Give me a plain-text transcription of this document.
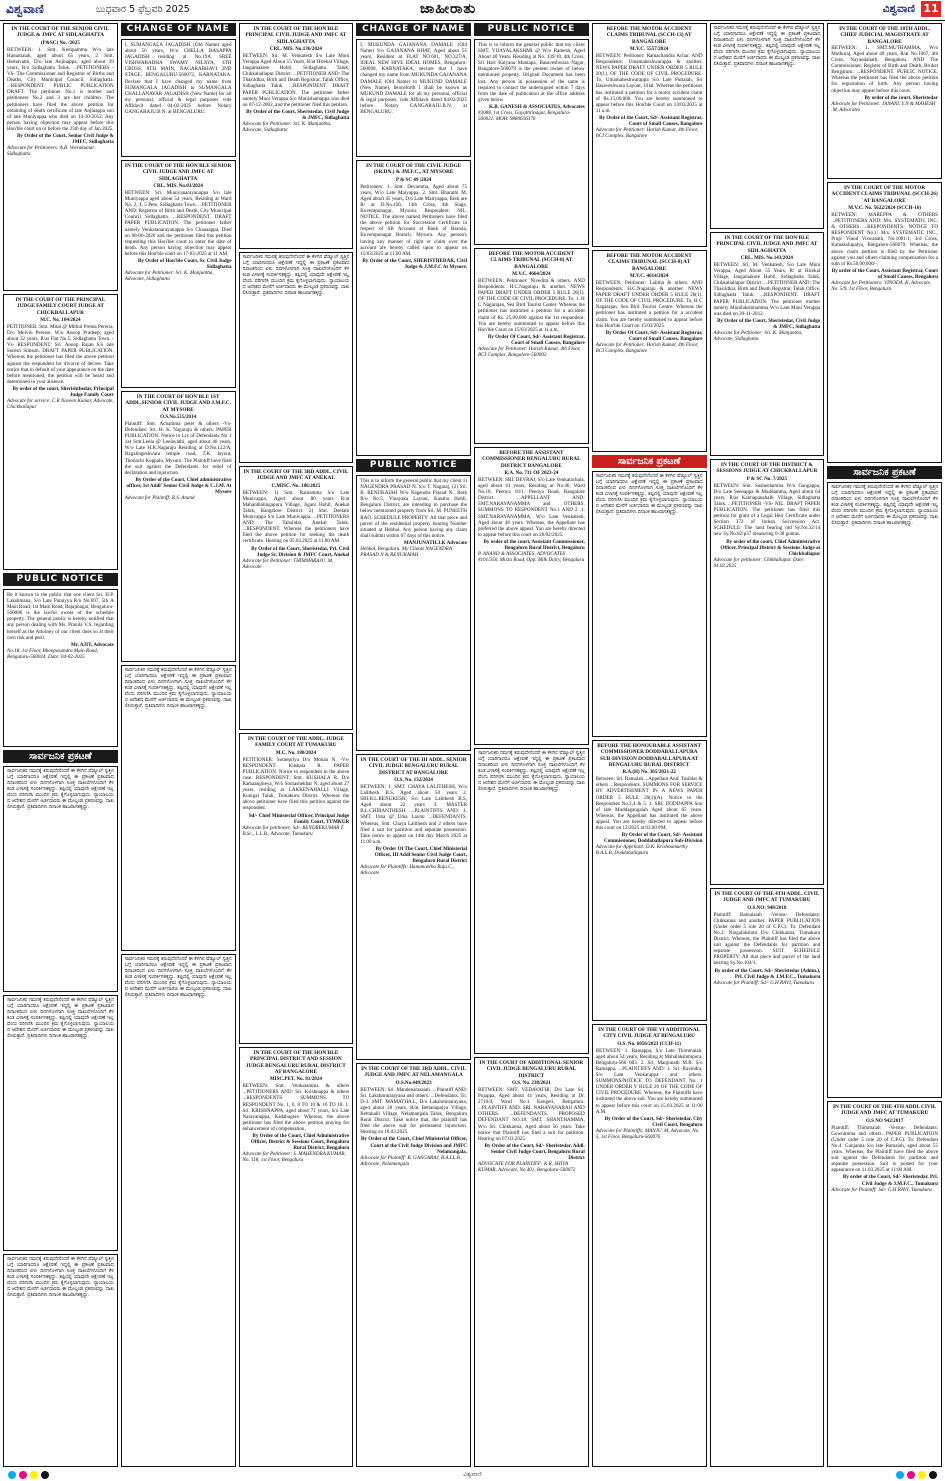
ವಿಶ್ವವಾಣಿ	ಬುಧವಾರ 5 ಫೆಬ್ರವರಿ 2025	ಜಾಹೀರಾತು	ವಿಶ್ವವಾಣಿ 11
IN THE COURT OF THE SENIOR CIVIL JUDGE & JMFC AT SIDLAGHATTA
(P&SC) No. /2025
BETWEEN: 1. Smt. Kempamma W/o late Hanumaiah, aged about 65 years, 2. Smt. Hemavathi, D/o late Anjinappa, aged about 39 years, R/o Sidlaghatta Taluk. ...PETITIONERS -VS- The Commissioner and Registrar of Births and Deaths, City Municipal Council, Sidlaghatta. ...RESPONDENT. PUBLIC PUBLICATION DRAFT. The petitioner No.1 is mother and petitioners No.2 and 3 are her children. The petitioners have filed the above petition for obtaining of death certificate of late Anjinappa son of late Muniyappa who died on 14-10-2012. Any person having objection may appear before this Hon'ble court on or before the 25th day of Jan 2025.
By Order of the Court, Senior Civil Judge & JMFC, Sidlaghatta
Advocate for Petitioners: A.B. Veerakumar, Sidlaghatta
IN THE COURT OF THE PRINCIPAL JUDGE FAMILY COURT JUDGE AT CHICKBALLAPUR
M.C. No. 104/2024
PETITIONER: Smt. Mital @ Mithul Prema Pereira, D/o Melvin Pereise, W/o Anoop Pradeep, aged about 32 years, R/at Flat No.5, Sidlaghatta Town. -Vs- RESPONDENT: Sri. Anoop Rajan S/o late Suresh Simson. DRAFT PAPER PUBLICATION. Whereas the petitioner has filed the above petition against the respondent for divorce of decree. Take notice that in default of your appearance on the date before mentioned, the petition will be heard and determined in your absence.
By order of the court, Sherishthedar, Principal Judge Family Court
Advocate for service: C.R Naveen Kumar, Advocate, Chickballapur
PUBLIC NOTICE
Be it known to the public that one client Sri. H.P. Lakshmana, S/o Late Putaiyya R/o No.697, 5th A Main Road, 1st Main Road, Rajajinagar, Bengaluru-560086 is the lawful owner of the schedule property. The general public is hereby notified that any person dealing with Ms. Pranila V.S. regarding herself as the Attorney of our client does so at their own risk and peril.
Mr. AJIT, Advocate
No.18, 1st Floor, Bhoopasandra Main Road, Bengaluru-560024. Date: 04-02-2025
ಸಾರ್ವಜನಿಕ ಪ್ರಕಟಣೆ
ಸಾರ್ವಜನಿಕರ ಗಮನಕ್ಕೆ ತರುವುದೇನೆಂದರೆ ಈ ಕೆಳಗಿನ ಷೆಡ್ಯೂಲ್ ಸ್ವತ್ತಿನ ಬಗ್ಗೆ ಯಾರಿಗಾದರೂ ಆಕ್ಷೇಪಣೆ ಇದ್ದಲ್ಲಿ ಈ ಪ್ರಕಟಣೆ ಪ್ರಕಟವಾದ ದಿನಾಂಕದಿಂದ ಏಳು ದಿನಗಳೊಳಗಾಗಿ ಸೂಕ್ತ ದಾಖಲೆಗಳೊಂದಿಗೆ ಕೆಳಕಂಡ ವಿಳಾಸಕ್ಕೆ ಸಂಪರ್ಕಿಸತಕ್ಕದ್ದು. ತಪ್ಪಿದಲ್ಲಿ ಯಾವುದೇ ಆಕ್ಷೇಪಣೆ ಇಲ್ಲವೆಂದು ಪರಿಗಣಿಸಿ ಮುಂದಿನ ಕ್ರಮ ಕೈಗೊಳ್ಳಲಾಗುವುದು. ನ್ಯಾಯಾಲಯದ ಆದೇಶದ ಮೇರೆಗೆ ಅರ್ಜಿದಾರರು ಈ ಮೇಲ್ಕಂಡ ಪ್ರಕರಣವನ್ನು ದಾಖಲಿಸಿರುತ್ತಾರೆ. ಪ್ರತಿವಾದಿಗಳು ದಿನಾಂಕ ಹಾಜರಾಗತಕ್ಕದ್ದು.
ಸಾರ್ವಜನಿಕರ ಗಮನಕ್ಕೆ ತರುವುದೇನೆಂದರೆ ಈ ಕೆಳಗಿನ ಷೆಡ್ಯೂಲ್ ಸ್ವತ್ತಿನ ಬಗ್ಗೆ ಯಾರಿಗಾದರೂ ಆಕ್ಷೇಪಣೆ ಇದ್ದಲ್ಲಿ ಈ ಪ್ರಕಟಣೆ ಪ್ರಕಟವಾದ ದಿನಾಂಕದಿಂದ ಏಳು ದಿನಗಳೊಳಗಾಗಿ ಸೂಕ್ತ ದಾಖಲೆಗಳೊಂದಿಗೆ ಕೆಳಕಂಡ ವಿಳಾಸಕ್ಕೆ ಸಂಪರ್ಕಿಸತಕ್ಕದ್ದು. ತಪ್ಪಿದಲ್ಲಿ ಯಾವುದೇ ಆಕ್ಷೇಪಣೆ ಇಲ್ಲವೆಂದು ಪರಿಗಣಿಸಿ ಮುಂದಿನ ಕ್ರಮ ಕೈಗೊಳ್ಳಲಾಗುವುದು. ನ್ಯಾಯಾಲಯದ ಆದೇಶದ ಮೇರೆಗೆ ಅರ್ಜಿದಾರರು ಈ ಮೇಲ್ಕಂಡ ಪ್ರಕರಣವನ್ನು ದಾಖಲಿಸಿರುತ್ತಾರೆ. ಪ್ರತಿವಾದಿಗಳು ದಿನಾಂಕ ಹಾಜರಾಗತಕ್ಕದ್ದು.
ಸಾರ್ವಜನಿಕರ ಗಮನಕ್ಕೆ ತರುವುದೇನೆಂದರೆ ಈ ಕೆಳಗಿನ ಷೆಡ್ಯೂಲ್ ಸ್ವತ್ತಿನ ಬಗ್ಗೆ ಯಾರಿಗಾದರೂ ಆಕ್ಷೇಪಣೆ ಇದ್ದಲ್ಲಿ ಈ ಪ್ರಕಟಣೆ ಪ್ರಕಟವಾದ ದಿನಾಂಕದಿಂದ ಏಳು ದಿನಗಳೊಳಗಾಗಿ ಸೂಕ್ತ ದಾಖಲೆಗಳೊಂದಿಗೆ ಕೆಳಕಂಡ ವಿಳಾಸಕ್ಕೆ ಸಂಪರ್ಕಿಸತಕ್ಕದ್ದು. ತಪ್ಪಿದಲ್ಲಿ ಯಾವುದೇ ಆಕ್ಷೇಪಣೆ ಇಲ್ಲವೆಂದು ಪರಿಗಣಿಸಿ ಮುಂದಿನ ಕ್ರಮ ಕೈಗೊಳ್ಳಲಾಗುವುದು. ನ್ಯಾಯಾಲಯದ ಆದೇಶದ ಮೇರೆಗೆ ಅರ್ಜಿದಾರರು ಈ ಮೇಲ್ಕಂಡ ಪ್ರಕರಣವನ್ನು ದಾಖಲಿಸಿರುತ್ತಾರೆ. ಪ್ರತಿವಾದಿಗಳು ದಿನಾಂಕ ಹಾಜರಾಗತಕ್ಕದ್ದು.
CHANGE OF NAME
I, SUMANGALA JAGADISH (Old Name) aged about 50 years, W/o CHELLA BASAPPA JAGADISH residing at No.19A SREE VISHWABADHA SWAMY NILAYA, 4TH CROSS, 8TH MAIN, NAGARABHAVI 2ND STAGE, BENGALURU-560072, KARNATAKA. Declare that I have changed my name from SUMANGALA JAGADISH to SUMANGALA CHALLANAVAR JAGADISH (New Name) for all my personal, official & legal purposes vide Affidavit dated 04-02-2025 before Notary GANGARAJU.B.N. at BENGALURU.
IN THE COURT OF THE HON'BLE SENIOR CIVIL JUDGE AND JMFC AT SIDLAGHATTA
CRL. MIS. No.03/2024
BETWEEN: Sri. Muniyanarayanappa S/o late Muniyappa aged about 54 years, Residing at Ward No. 2, 4, 5 Pete, Sidlaghatta Town. ...PETITIONER AND: Registrar of Birth and Death, City Municipal Council Sidlaghatta. ...RESPONDENT. DRAFT PAPER PUBLICATION. The petitioner father namely Venkatanarayanappa S/o Chanaappa, Died on 08-06-2020 and the petitioner filed this petition requesting this Hon'ble court to enter the date of death. Any person having objection may appear before this Hon'ble court on 17-03-2025 at 11 AM.
By Order of Hon'ble Court, Sr. Civil Judge Sidlaghatta
Advocate for Petitioner: Sri. K. Manjuntha, Advocate, Sidlaghatta
IN THE COURT OF HON'BLE 1ST ADDL.SENIOR CIVIL JUDGE AND J.M.F.C. AT MYSORE
O.S.No.515/2014
Plaintiff: Smt. Achamma peter & others -Vs- Defendant: Sri. H. K. Nagaraju & others. PAPER PUBLICATION. Notice to Lrs of Defendants No 1 1a) Smt.Leela @ Leelavathi, aged about 46 years, W/o Late H.K.Nagaraju Residing at D.No.122/A, Nagalingeshwara temple road, T.K. layout, Thonachi Koppalu, Mysuru. The Plaintiff have filed the suit against the Defendants for relief of declaration and injunction.
By Order of the Court, Chief administrative officer, 1st Addl' Senior Civil Judge & C.J.M. At Mysore
Advocate for Plaintiff: R.S. Anand
ಸಾರ್ವಜನಿಕರ ಗಮನಕ್ಕೆ ತರುವುದೇನೆಂದರೆ ಈ ಕೆಳಗಿನ ಷೆಡ್ಯೂಲ್ ಸ್ವತ್ತಿನ ಬಗ್ಗೆ ಯಾರಿಗಾದರೂ ಆಕ್ಷೇಪಣೆ ಇದ್ದಲ್ಲಿ ಈ ಪ್ರಕಟಣೆ ಪ್ರಕಟವಾದ ದಿನಾಂಕದಿಂದ ಏಳು ದಿನಗಳೊಳಗಾಗಿ ಸೂಕ್ತ ದಾಖಲೆಗಳೊಂದಿಗೆ ಕೆಳಕಂಡ ವಿಳಾಸಕ್ಕೆ ಸಂಪರ್ಕಿಸತಕ್ಕದ್ದು. ತಪ್ಪಿದಲ್ಲಿ ಯಾವುದೇ ಆಕ್ಷೇಪಣೆ ಇಲ್ಲವೆಂದು ಪರಿಗಣಿಸಿ ಮುಂದಿನ ಕ್ರಮ ಕೈಗೊಳ್ಳಲಾಗುವುದು. ನ್ಯಾಯಾಲಯದ ಆದೇಶದ ಮೇರೆಗೆ ಅರ್ಜಿದಾರರು ಈ ಮೇಲ್ಕಂಡ ಪ್ರಕರಣವನ್ನು ದಾಖಲಿಸಿರುತ್ತಾರೆ. ಪ್ರತಿವಾದಿಗಳು ದಿನಾಂಕ ಹಾಜರಾಗತಕ್ಕದ್ದು.
ಸಾರ್ವಜನಿಕರ ಗಮನಕ್ಕೆ ತರುವುದೇನೆಂದರೆ ಈ ಕೆಳಗಿನ ಷೆಡ್ಯೂಲ್ ಸ್ವತ್ತಿನ ಬಗ್ಗೆ ಯಾರಿಗಾದರೂ ಆಕ್ಷೇಪಣೆ ಇದ್ದಲ್ಲಿ ಈ ಪ್ರಕಟಣೆ ಪ್ರಕಟವಾದ ದಿನಾಂಕದಿಂದ ಏಳು ದಿನಗಳೊಳಗಾಗಿ ಸೂಕ್ತ ದಾಖಲೆಗಳೊಂದಿಗೆ ಕೆಳಕಂಡ ವಿಳಾಸಕ್ಕೆ ಸಂಪರ್ಕಿಸತಕ್ಕದ್ದು. ತಪ್ಪಿದಲ್ಲಿ ಯಾವುದೇ ಆಕ್ಷೇಪಣೆ ಇಲ್ಲವೆಂದು ಪರಿಗಣಿಸಿ ಮುಂದಿನ ಕ್ರಮ ಕೈಗೊಳ್ಳಲಾಗುವುದು. ನ್ಯಾಯಾಲಯದ ಆದೇಶದ ಮೇರೆಗೆ ಅರ್ಜಿದಾರರು ಈ ಮೇಲ್ಕಂಡ ಪ್ರಕರಣವನ್ನು ದಾಖಲಿಸಿರುತ್ತಾರೆ. ಪ್ರತಿವಾದಿಗಳು ದಿನಾಂಕ ಹಾಜರಾಗತಕ್ಕದ್ದು.
IN THE COURT OF THE HON'BLE PRINCIPAL CIVIL JUDGE AND JMFC AT SIDLAGHATTA
CRL. MIS. No.136/2024
BETWEEN: Sri. M. Venkatesh S/o Late Muni Verappa Aged About 55 Years, R/at Hirekal Village, Jangamakote Hobli, Sidlaghatta Taluk, Chikkaballapur District. ...PETITIONER AND: The Thasildhar, Birth and Death Registrar, Taluk Office, Sidlaghatta Taluk. ...RESPONDENT. DRAFT PAPER PUBLICATION. The petitioner father namely Muni Verappa S/o Munishamappa was died on 07-12-2002, and the petitioner filed this petition.
By Order of the Court, Sheristedar, Civil Judge & JMFC, Sidlaghatta
Advocate for Petitioner: Sri. K. Manjuntha, Advocate, Sidlaghatta
ಸಾರ್ವಜನಿಕರ ಗಮನಕ್ಕೆ ತರುವುದೇನೆಂದರೆ ಈ ಕೆಳಗಿನ ಷೆಡ್ಯೂಲ್ ಸ್ವತ್ತಿನ ಬಗ್ಗೆ ಯಾರಿಗಾದರೂ ಆಕ್ಷೇಪಣೆ ಇದ್ದಲ್ಲಿ ಈ ಪ್ರಕಟಣೆ ಪ್ರಕಟವಾದ ದಿನಾಂಕದಿಂದ ಏಳು ದಿನಗಳೊಳಗಾಗಿ ಸೂಕ್ತ ದಾಖಲೆಗಳೊಂದಿಗೆ ಕೆಳಕಂಡ ವಿಳಾಸಕ್ಕೆ ಸಂಪರ್ಕಿಸತಕ್ಕದ್ದು. ತಪ್ಪಿದಲ್ಲಿ ಯಾವುದೇ ಆಕ್ಷೇಪಣೆ ಇಲ್ಲವೆಂದು ಪರಿಗಣಿಸಿ ಮುಂದಿನ ಕ್ರಮ ಕೈಗೊಳ್ಳಲಾಗುವುದು. ನ್ಯಾಯಾಲಯದ ಆದೇಶದ ಮೇರೆಗೆ ಅರ್ಜಿದಾರರು ಈ ಮೇಲ್ಕಂಡ ಪ್ರಕರಣವನ್ನು ದಾಖಲಿಸಿರುತ್ತಾರೆ. ಪ್ರತಿವಾದಿಗಳು ದಿನಾಂಕ ಹಾಜರಾಗತಕ್ಕದ್ದು.
IN THE COURT OF THE 3RD ADDL. CIVIL JUDGE AND JMFC AT ANEKAL
C.MISC. No. 186/2025
BETWEEN: 1) Smt. Ramamma S/o Late Munivappa, Aged about 80 years R/at Mahanthalingapura Village, Jigani Hobli, Anekal Taluk, Bangalore District. 2) Smt. Deelam Munivappa S/o Late Munivappa. ...PETITIONERS AND: The Tahsildar, Anekal Taluk. ...RESPONDENT. Whereas the petitioners have filed the above petition for seeking the death certificate. Hearing on 05.03.2025 at 11.00 AM.
By Order of the Court, Sheristedar, Prl. Civil Judge Sr. Division & JMFC Court, Anekal
Advocate for Petitioner: THIMMARAJU .M, Advocate
IN THE COURT OF THE ADDL. JUDGE FAMILY COURT AT TUMAKURU
M.C. No. 180/2024
PETITIONER: Somepriya D/o Mohan N. -Vs- RESPONDENT: Kushala R. PAPER PUBLICATION. Notice to respondent in the above case. RESPONDENT: Smt. KUSHALA R. D/o Ramaanjineya, W/o Somashekhar N, aged about 27 years, residing at LAKKENAHALLI Village, Kunigal Taluk, Tumakuru District. Whereas the above petitioner have filed this petition against the respondent.
Sd/- Chief Ministerial Officer, Principal Judge Family Court, TUMKUR
Advocate for petitioner: Sd/- BENDREKUMAR T. B.Sc., L.L.B., Advocate, Tumakuru
IN THE COURT OF THE HON'BLE PRINCIPAL DISTRICT AND SESSION JUDGE BENGALURU RURAL DISTRICT AT BANGALORE
MISC.PET. No. 81/2024
BETWEEN: Smt. Venkatamma & others ...PETITIONERS AND: Sri. Krishnappa & others ...RESPONDENTS. SUMMONS TO RESPONDENT No. 1, 6, 8 TO 10 & 16 TO 18. 1. Sri. KRISHNAPPA, aged about 71 years, S/o Late Narayanappa, Kadabagere. Whereas, the above petitioner has filed the above petition praying for enhancement of compensation.
By Order of the Court, Chief Administrative Officer, District & Sessions Court, Bengaluru Rural District, Bengaluru
Advocate for Petitioner: S. MAHENDRA KUMAR, No. 118, 1st Floor, Bengaluru
CHANGE OF NAME
I, MUKUNDA GAJANANA DAMALE (Old Name) S/o GAJANANA BHAT, Aged about 55 years, Resident at FLAT NO.601, NO.327/A, IDEAL NEW HIVE IDEAL HOMES, Bengaluru-560098, KARNATAKA, declare that I have changed my name from MUKUNDA GAJANANA DAMALE (Old Name) to MUKUND DAMALE (New Name), henceforth I shall be known as MUKUND DAMALE for all my personal, official & legal purposes, vide Affidavit dated 04/02/2025 before Notary GANGARAJU.B.N. at BENGALURU.
IN THE COURT OF THE CIVIL JUDGE (SR.DN.) & JM.F.C., AT MYSORE
P & SC 49 /2024
Petitioners: 1. Smt. Devamma, Aged about 75 years, W/o Late Maiyappa, 2. Smt. Bharathi M, Aged about 45 years, D/o Late Mairyappa, Both are R/ at D.No.456, 13th Cross, 4th Stage, Kuvempunagar, Mysuru. Respondent: NIL. NOTICE. The above named Petitioners have filed the above petition for Succession Certificate in respect of SB Account at Bank of Baroda, Kuvempunagar Branch, Mysuru. Any person's having any manner of right or claim over the account are hereby called upon to appear on 15/03/2025 at 11.00 AM.
By Order of the Court, SHERISTHEDAR, Civil Judge & J.M.F.C At Mysore.
PUBLIC NOTICE
This is to inform the general public that my client 1) NAGENDRA PRASAD N. S/o T. Nagaraj, (2) Sri. B. RENUKAIAH W/o Nagendra Prasad N., Both R/o No.5, Vinayaka Layout, Kasaba Hobli, Bengaluru District, are intending to purchase the below mentioned property from Sri. M. PUNEETH RAO. SCHEDULE PROPERTY: All that piece and parcel of the residential property bearing Number situated at Hebbal. Any person having any claim shall submit within 07 days of this notice.
MANJUNATH.J.K Advocate
Hebbal, Bengaluru. My Clients NAGENDRA PRASAD N & RENUKAIAH
IN THE COURT OF THE III ADDL. SENIOR CIVIL JUDGE BENGALURU RURAL DISTRICT AT BANGALORE
O.S. No. 132/2024
BETWEEN: 1. SMT. CHAYA LALITHESH, W/o Lalithesh B.S, Aged about 50 years 2. SRI.B.L.RENUKESH, S/o Late Lalithesh B.S, Aged about 22 years 3. MASTER B.L.CHIRANTHESH. ...PLAINTIFFS AND: 1. SMT. Uma @ Uma Laxmi ...DEFENDANTS. Whereas, Smt. Chaya Lalithesh and 2 others have filed a suit for partition and separate possession. Take notice to appear on 14th day March 2025 at 11.00 a.m.
By Order Of The Court, Chief Ministerial Officer, III Addl Senior Civil Judge Court, Bengaluru Rural District
Advocate for Plaintiffs: Hanumantha Raju.C., Advocate
IN THE COURT OF THE 3RD ADDL. CIVIL JUDGE AND JMFC AT NELAMANGALA
O.S.No.449/2023
BETWEEN: Sri. Mandenarasaiah. ...Plaintiff AND: Sri. Lakshminarayana and others. ...Defendants. To, D-3. SMT. MAMATHA.L, D/o Lakshminarayana, aged about 28 years, R/at Bettanapalya Village, Bettahalli Village, Nelamangala Taluk, Bengaluru Rural District. Take notice that, the plaintiff has filed the above suit for permanent injunction. Hearing on 10.03.2025.
By Order of the Court, Chief Ministerial Officer, Court of the Civil Judge Division and JMFC Nelamangala.
Advocate for Plaintiff: B. GANGARAJ, B.A.LL.B., Advocate, Nelamangala
PUBLIC NOTICE
This is to inform the general public that my client SMT. VIJAYALAKSHMI @ W/o Ramesh, Aged About 40 Years, Residing at No. 139/10, 4th Cross, Sri Hari Kalyana Mantapa, Basaveshwara Nagar, Bangalore-560079 is the present owner of below mentioned property. Original Document has been lost. Any person in possession of the same is required to contact the undersigned within 7 days from the date of publication at the office address given below.
K.B. GANESH & ASSOCIATES, Advocates
#3088, 1st Cross, Gayathrinagar, Bengaluru-560021. MOB: 9880656370
BEFORE THE MOTOR ACCIDENT CLAIMS TRIBUNAL (SCCH-8) AT BANGALORE
M.V.C. 4664/2024
BETWEEN: Petitioner: Nivedita & others. AND Respondents: H.C.Nagaraju & another. NEWS PAPER DRAFT UNDER ORDER 5 RULE 20(1). OF THE CODE OF CIVIL PROCEDURE. To, 1. H C Nagarajan, Sea Bird Tourist Center. Whereas the petitioner has instituted a petition for a accident claim of Rs. 25,00,000 against the 1st respondent. You are hereby summoned to appear before this Hon'ble Court on 15/03/2025 at 11 a.m.
By Order Of Court, Sd/- Assistant Registrar, Court of Small Causes, Bangalore
Advocate for Petitioner: Harish Kumar, 4th Floor, BCI Complex, Bangalore-560002
BEFORE THE ASSISTANT COMMISSIONER BENGALURU RURAL DISTRICT BANGALORE
R.A. No. 731 OF 2023-24
BETWEEN: SRI. DEVRAJ, S/o Late Venkatachala, aged about 41 years, Residing at No.46, Ward No.18, Peenya 10/1, Peenya Road, Bangalore District. ...APPELLANT AND: SMT.NARAYANAMMA and OTHERS. SUMMONS TO RESPONDENT No.1 AND 2. 1. SMT.NARAYANAMMA, W/o Late Venkatesh, Aged about 48 years. Whereas, the Appellant has preferred the above appeal. You are hereby directed to appear before this court on 28/02/2025.
By order of the court, Assistant Commissioner, Bengaluru Rural District, Bengaluru
P. ANAND & ASSOCIATES, ADVOCATES #101/350, Mirza Road, Opp. Milk Dairy, Bengaluru
ಸಾರ್ವಜನಿಕರ ಗಮನಕ್ಕೆ ತರುವುದೇನೆಂದರೆ ಈ ಕೆಳಗಿನ ಷೆಡ್ಯೂಲ್ ಸ್ವತ್ತಿನ ಬಗ್ಗೆ ಯಾರಿಗಾದರೂ ಆಕ್ಷೇಪಣೆ ಇದ್ದಲ್ಲಿ ಈ ಪ್ರಕಟಣೆ ಪ್ರಕಟವಾದ ದಿನಾಂಕದಿಂದ ಏಳು ದಿನಗಳೊಳಗಾಗಿ ಸೂಕ್ತ ದಾಖಲೆಗಳೊಂದಿಗೆ ಕೆಳಕಂಡ ವಿಳಾಸಕ್ಕೆ ಸಂಪರ್ಕಿಸತಕ್ಕದ್ದು. ತಪ್ಪಿದಲ್ಲಿ ಯಾವುದೇ ಆಕ್ಷೇಪಣೆ ಇಲ್ಲವೆಂದು ಪರಿಗಣಿಸಿ ಮುಂದಿನ ಕ್ರಮ ಕೈಗೊಳ್ಳಲಾಗುವುದು. ನ್ಯಾಯಾಲಯದ ಆದೇಶದ ಮೇರೆಗೆ ಅರ್ಜಿದಾರರು ಈ ಮೇಲ್ಕಂಡ ಪ್ರಕರಣವನ್ನು ದಾಖಲಿಸಿರುತ್ತಾರೆ. ಪ್ರತಿವಾದಿಗಳು ದಿನಾಂಕ ಹಾಜರಾಗತಕ್ಕದ್ದು.
IN THE COURT OF ADDITIONAL SENIOR CIVIL JUDGE BENGALURU RURAL DISTRICT
O.S. No. 238/2021
BETWEEN: SMT. VEDAVATHI, D/o Late Sri. Pujappa, Aged about 41 years, Residing at Dr. 2710/4, Ward No.1 Kengeri, Bengaluru. ...PLAINTIFF AND: SRI. NARAYANARAO AND OTHERS. ...DEFENDANTS. PROPOSED DEFENDANT NO.18: SMT. SHANTHAMMA, W/o Sri. Chikkanna, Aged about 56 years. Take notice that Plaintiff has filed a suit for partition. Hearing on 07.03.2025.
By Order of the Court, Sd/- Sheristedar, Addl. Senior Civil Judge Court, Bengaluru Rural District
ADVOCATE FOR PLAINTIFF: K.R. SHIVA KUMAR, Advocate, No.401, Bengaluru-560072
BEFORE THE MOTOR ACCIDENT CLAIMS TRIBUNAL (SCCH-13) AT BANGALORE
M.V.C. 5557/2024
BETWEEN: Petitioner: Ramachandra Achar. AND Respondents: Umamaheshwarappa & another. NEWS PAPER DRAFT UNDER ORDER 5 RULE 20(1). OF THE CODE OF CIVIL PROCEDURE. To, Umamaheshwarappa S/o Late Puttaiah, Sri Basaveshwara Layout, Ullal. Whereas the petitioner has instituted a petition for a motor accident claim of Rs.15,00,000. You are hereby summoned to appear before this Hon'ble Court on 13/03/2025 at 11 a.m.
By Order of the Court, Sd/- Assistant Registrar, Court of Small Causes, Bangalore
Advocate for Petitioner: Harish Kumar, 4th Floor, BCI Complex, Bangalore
BEFORE THE MOTOR ACCIDENT CLAIMS TRIBUNAL (SCCH-8) AT BANGALORE
M.V.C. 4614/2024
BETWEEN: Petitioner: Lalitha & others. AND Respondents: H.C.Nagaraju & another. NEWS PAPER DRAFT UNDER ORDER 5 RULE 20(1). OF THE CODE OF CIVIL PROCEDURE. To, H C Nagarajan, Sea Bird Tourist Centre. Whereas the petitioner has instituted a petition for a accident claim. You are hereby summoned to appear before this Hon'ble Court on 15/03/2025.
By Order Of Court, Sd/- Assistant Registrar, Court of Small Causes, Bangalore
Advocate for Petitioner: Harish Kumar, 4th Floor, BCI Complex, Bangalore
ಸಾರ್ವಜನಿಕ ಪ್ರಕಟಣೆ
ಸಾರ್ವಜನಿಕರ ಗಮನಕ್ಕೆ ತರುವುದೇನೆಂದರೆ ಈ ಕೆಳಗಿನ ಷೆಡ್ಯೂಲ್ ಸ್ವತ್ತಿನ ಬಗ್ಗೆ ಯಾರಿಗಾದರೂ ಆಕ್ಷೇಪಣೆ ಇದ್ದಲ್ಲಿ ಈ ಪ್ರಕಟಣೆ ಪ್ರಕಟವಾದ ದಿನಾಂಕದಿಂದ ಏಳು ದಿನಗಳೊಳಗಾಗಿ ಸೂಕ್ತ ದಾಖಲೆಗಳೊಂದಿಗೆ ಕೆಳಕಂಡ ವಿಳಾಸಕ್ಕೆ ಸಂಪರ್ಕಿಸತಕ್ಕದ್ದು. ತಪ್ಪಿದಲ್ಲಿ ಯಾವುದೇ ಆಕ್ಷೇಪಣೆ ಇಲ್ಲವೆಂದು ಪರಿಗಣಿಸಿ ಮುಂದಿನ ಕ್ರಮ ಕೈಗೊಳ್ಳಲಾಗುವುದು. ನ್ಯಾಯಾಲಯದ ಆದೇಶದ ಮೇರೆಗೆ ಅರ್ಜಿದಾರರು ಈ ಮೇಲ್ಕಂಡ ಪ್ರಕರಣವನ್ನು ದಾಖಲಿಸಿರುತ್ತಾರೆ. ಪ್ರತಿವಾದಿಗಳು ದಿನಾಂಕ ಹಾಜರಾಗತಕ್ಕದ್ದು.
BEFORE THE HONOURABLE ASSISTANT COMMISSIONER DODDABALLAPURA SUB-DIVISION DODDABALLAPURA AT BENGALURU RURAL DISTRICT
R.A.(H) No. 365/2021-22
Between: Sri. Ramaiah ...Appellant And: Tasildar & others ...Respondents. SUMMONS FOR SERVICE BY ADVERTISEMENT IN A NEWS PAPER ORDER 5 RULE 20(1)(A). Notice to the Respondent No.2,4 & 5. 1. SRI. DODDAPPA Son of late Muddagangaiah Aged about 65 years. Whereas, the Appellant has instituted the above appeal. You are hereby directed to appear before this court on 12/2025 at 03.00 PM.
By Order of the Court, Sd/- Assistant Commissioner, Doddaballapura Sub-Division
Advocate for Appellant: D.K. Krishnamurthy B.A.L.B, Doddaballapura
IN THE COURT OF THE VI ADDITIONAL CITY CIVIL JUDGE AT BENGALURU
O.S. No. 6056/2023 (CCH-11)
BETWEEN: 1. Ramappa, S/o Late Thimmaiah, aged about 54 years, Residing at Mahalakshmipura, Bengaluru-560 083. 2. Sri. Manjunath M.R. S/o Ramappa. ...PLAINTIFFS AND: 1. Sri. Ravindra, S/o Late Venkatappa and others. SUMMONS/NOTICE TO DEFENDANT No. 1 UNDER ORDER V RULE 20 OF THE CODE OF CIVIL PROCEDURE. Whereas, the Plaintiffs have instituted the above suit. You are hereby summoned to appear before this court on 15.03.2025 at 11:00 A.M.
By Order of the Court, Sd/- Sheristedar, City Civil Court, Bengaluru
Advocate for Plaintiffs: MANJU. M, Advocate, No. 5, 1st Floor, Bengaluru-560076
ಸಾರ್ವಜನಿಕರ ಗಮನಕ್ಕೆ ತರುವುದೇನೆಂದರೆ ಈ ಕೆಳಗಿನ ಷೆಡ್ಯೂಲ್ ಸ್ವತ್ತಿನ ಬಗ್ಗೆ ಯಾರಿಗಾದರೂ ಆಕ್ಷೇಪಣೆ ಇದ್ದಲ್ಲಿ ಈ ಪ್ರಕಟಣೆ ಪ್ರಕಟವಾದ ದಿನಾಂಕದಿಂದ ಏಳು ದಿನಗಳೊಳಗಾಗಿ ಸೂಕ್ತ ದಾಖಲೆಗಳೊಂದಿಗೆ ಕೆಳಕಂಡ ವಿಳಾಸಕ್ಕೆ ಸಂಪರ್ಕಿಸತಕ್ಕದ್ದು. ತಪ್ಪಿದಲ್ಲಿ ಯಾವುದೇ ಆಕ್ಷೇಪಣೆ ಇಲ್ಲವೆಂದು ಪರಿಗಣಿಸಿ ಮುಂದಿನ ಕ್ರಮ ಕೈಗೊಳ್ಳಲಾಗುವುದು. ನ್ಯಾಯಾಲಯದ ಆದೇಶದ ಮೇರೆಗೆ ಅರ್ಜಿದಾರರು ಈ ಮೇಲ್ಕಂಡ ಪ್ರಕರಣವನ್ನು ದಾಖಲಿಸಿರುತ್ತಾರೆ. ಪ್ರತಿವಾದಿಗಳು ದಿನಾಂಕ ಹಾಜರಾಗತಕ್ಕದ್ದು.
IN THE COURT OF THE HON'BLE PRINCIPAL CIVIL JUDGE AND JMFC AT SIDLAGHATTA
CRL. MIS. No.143/2024
BETWEEN: Sri. M. Venkatesh, S/o Late Muni Verappa, Aged About 55 Years, R/ at Hirekal Village, Jangamakote Hobli, Sidlaghatta Taluk, Chikkaballapur District. ...PETITIONER AND: The Thasildhar, Birth and Death Registrar, Taluk Office, Sidlaghatta Taluk. ...RESPONDENT. DRAFT PAPER PUBLICATION. The petitioner mother namely Munilakshmamma W/o Late Muni Verappa was died on 20-11-2012.
By Order of the Court, Sheristedar, Civil Judge & JMFC, Sidlaghatta
Advocate for Petitioner: Sri. K. Manjuntha, Advocate, Sidlaghatta
IN THE COURT OF THE DISTRICT & SESSIONS JUDGE AT CHICKBALLAPUR
P & SC No. 7/2025
BETWEEN: Smt. Susheelamma W/o Gangappa, D/o Late Seenappa & Muddamma, Aged about 64 years, R/at Kannapanahalli Village, Sidlaghatta Taluk. ...PETITIONER -VS- NIL. DRAFT PAPER PUBLICATION. The petitioner has filed this petition for grant of a Legal Heir Certificate under Section 372 of Indian Succession Act. SCHEDULE: The land bearing old Sy.No.32/14 new Sy.No.82/p37 measuring 0-38 guntas.
By order of the court, Chief Administrative Officer, Principal District & Sessions Judge at Chickballapur
Advocate for petitioner: Chikballapur. Date: 04.02.2025
IN THE COURT OF THE 4TH ADDL. CIVIL JUDGE AND JMFC AT TUMAKURU
O.S.NO: 948/2018
Plaintiff: Ramaiaiah -Versus- Defendants: Chikkanna and another. PAPER PUBLICATION (Under order 5 rule 20 of C.P.C). To: Defendant No.2: Ningalakshmi D/o Chikkanna, Tumakuru District. Whereas, the Plaintiff has filed the above suit against the Defendants for partition and separate possession. SUIT SCHEDULE PROPERTY: All that piece and parcel of the land bearing Sy.No.104/1.
By order of the Court, Sd/- Sheristedar (Admn.), Prl. Civil Judge & J.M.F.C., Tumakuru
Advocate for Plaintiff: Sd/- G.H RAVI, Tumakuru
IN THE COURT OF THE 10TH ADDL. CHIEF JUDICIAL MAGISTRATE AT BANGALORE
BETWEEN: 1. SMT.MUTHAMMA, W/o Muthuraj, Aged about 48 years, R/at No.1067, 4th Cross, Nayandahalli, Bengaluru. AND The Commissioner, Register of Birth and Death, Bruhat Bengaluru. ...RESPONDENT. PUBLIC NOTICE. Whereas the petitioner has filed the above petition for registration of birth. Any person having objection may appear before this court.
By order of the court, Sheristedar
Advocate for Petitioner: JANANI. Y.N & MAHESH .M, Advocates
IN THE COURT OF THE MOTOR ACCIDENT CLAIMS TRIBUNAL (SCCH-26) AT BANGALORE
M.V.C. No. 5622/2024 (SCCH-16)
BETWEEN: MAREPPA & OTHERS ...PETITIONERS AND: M/s. SYSTEMATIC INC. & OTHERS ...RESPONDENTS. NOTICE TO RESPONDENT No.1: M/s. SYSTEMATIC INC., Prop: Vinod Viswanath, No.1001/1, 3rd Cross, Kamakshipalya, Bangalore-560079. Whereas, the above claim petition is filed by the Petitioner against you and others claiming compensation for a sum of Rs.50,00,000/-.
By order of the Court, Assistant Registrar, Court of Small Causes, Bengaluru
Advocate for Petitioners: VINODA .K, Advocate, No. 5/9, 1st Floor, Bengaluru
ಸಾರ್ವಜನಿಕ ಪ್ರಕಟಣೆ
ಸಾರ್ವಜನಿಕರ ಗಮನಕ್ಕೆ ತರುವುದೇನೆಂದರೆ ಈ ಕೆಳಗಿನ ಷೆಡ್ಯೂಲ್ ಸ್ವತ್ತಿನ ಬಗ್ಗೆ ಯಾರಿಗಾದರೂ ಆಕ್ಷೇಪಣೆ ಇದ್ದಲ್ಲಿ ಈ ಪ್ರಕಟಣೆ ಪ್ರಕಟವಾದ ದಿನಾಂಕದಿಂದ ಏಳು ದಿನಗಳೊಳಗಾಗಿ ಸೂಕ್ತ ದಾಖಲೆಗಳೊಂದಿಗೆ ಕೆಳಕಂಡ ವಿಳಾಸಕ್ಕೆ ಸಂಪರ್ಕಿಸತಕ್ಕದ್ದು. ತಪ್ಪಿದಲ್ಲಿ ಯಾವುದೇ ಆಕ್ಷೇಪಣೆ ಇಲ್ಲವೆಂದು ಪರಿಗಣಿಸಿ ಮುಂದಿನ ಕ್ರಮ ಕೈಗೊಳ್ಳಲಾಗುವುದು. ನ್ಯಾಯಾಲಯದ ಆದೇಶದ ಮೇರೆಗೆ ಅರ್ಜಿದಾರರು ಈ ಮೇಲ್ಕಂಡ ಪ್ರಕರಣವನ್ನು ದಾಖಲಿಸಿರುತ್ತಾರೆ. ಪ್ರತಿವಾದಿಗಳು ದಿನಾಂಕ ಹಾಜರಾಗತಕ್ಕದ್ದು.
IN THE COURT OF THE 4TH ADDL CIVIL JUDGE AND JMFC AT TUMAKURU
O.S NO 942/2017
Plaintiff: Thimmaiah -Versus- Defendants: Gowramma and others. PAPER PUBLICATION (Under order 5 rule 20 of C.P.C). To: Defendant No.4: Ganjanna S/o late Ramaiah, aged about 55 years. Whereas, the Plaintiff have filed the above suit against the Defendants for partition and separate possession. Suit is posted for your appearance on 11.03.2025 at 11:00 AM.
By order of the Court, Sd/- Sheristedar, Prl. Civil Judge & J.M.F.C., Tumakuru
Advocate for Plaintiff: Sd/- G.H RAVI, Tumakuru
ವಿಶ್ವವಾಣಿ
